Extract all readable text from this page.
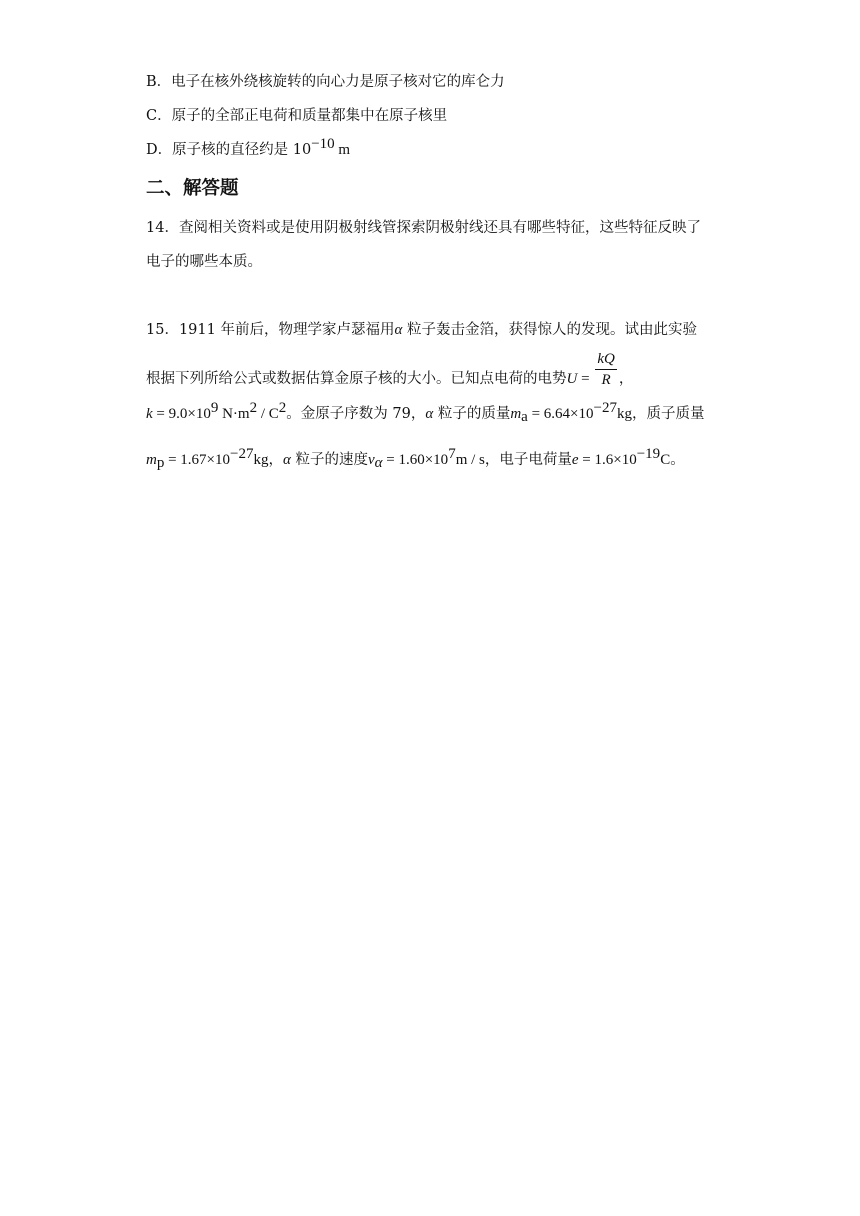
B．电子在核外绕核旋转的向心力是原子核对它的库仑力
C．原子的全部正电荷和质量都集中在原子核里
D．原子核的直径约是 $10^{-10}$ m
二、解答题
14．查阅相关资料或是使用阴极射线管探索阴极射线还具有哪些特征，这些特征反映了
电子的哪些本质。
15．1911 年前后，物理学家卢瑟福用α 粒子轰击金箔，获得惊人的发现。试由此实验
根据下列所给公式或数据估算金原子核的大小。已知点电荷的电势$U = \frac{kQ}{R}$ ，
$k = 9.0\times 10^9$ $N\cdot m^2 / C^2$。金原子序数为 79，α 粒子的质量$m_a = 6.64\times 10^{-27}kg$，质子质量
$m_p = 1.67\times 10^{-27}kg$，α 粒子的速度$v_\alpha = 1.60\times 10^7m / s$，电子电荷量$e = 1.6\times 10^{-19}C$。
